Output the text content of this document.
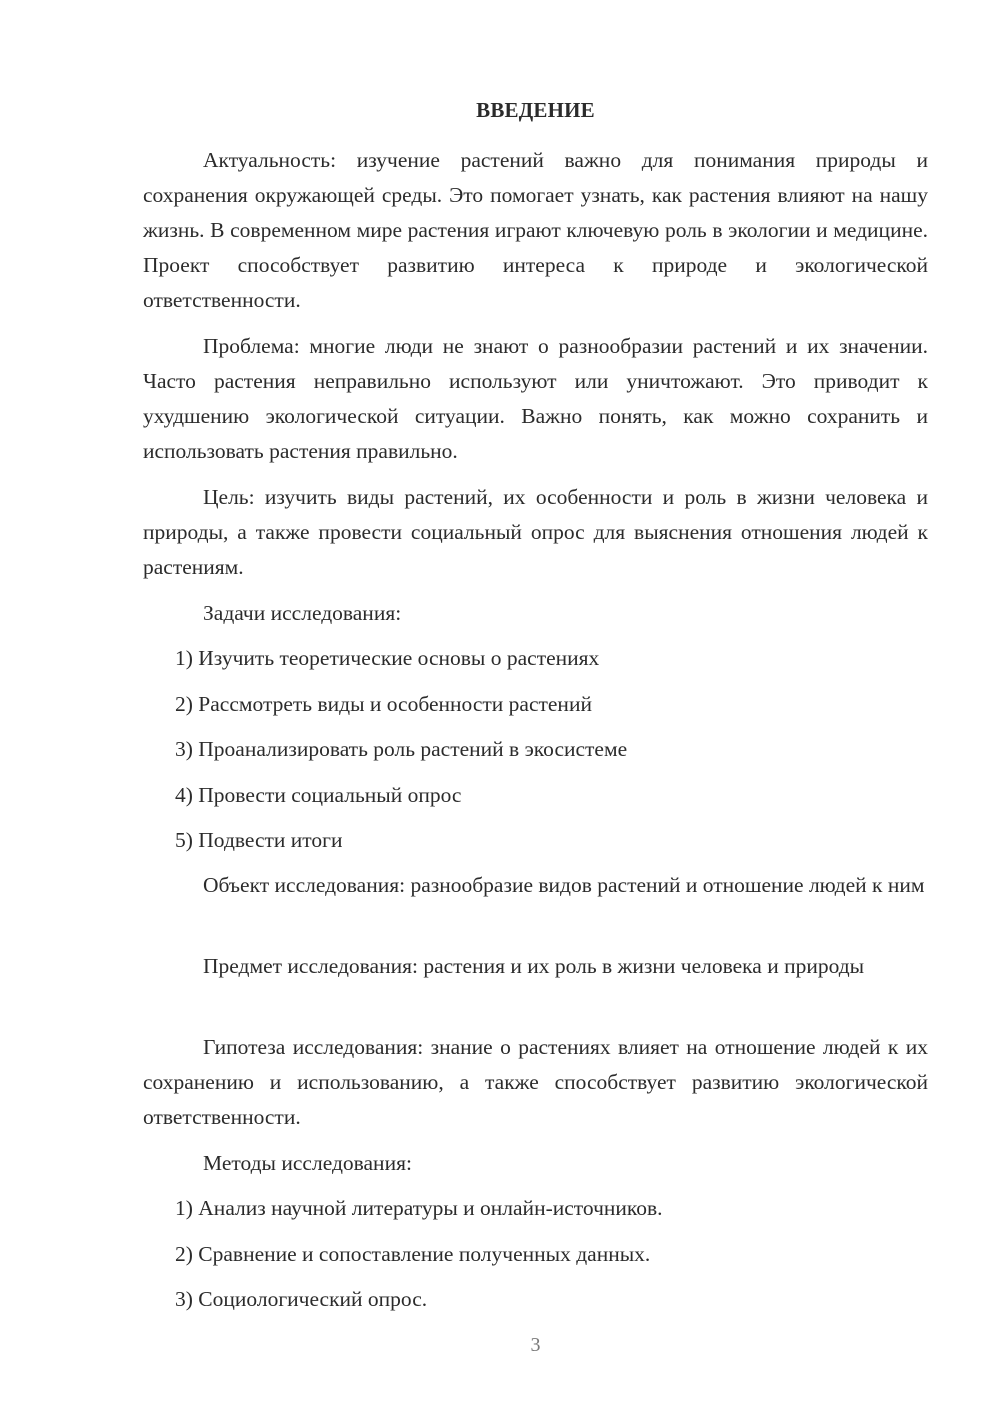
ВВЕДЕНИЕ

Актуальность: изучение растений важно для понимания природы и сохранения окружающей среды. Это помогает узнать, как растения влияют на нашу жизнь. В современном мире растения играют ключевую роль в экологии и медицине. Проект способствует развитию интереса к природе и экологической ответственности.

Проблема: многие люди не знают о разнообразии растений и их значении. Часто растения неправильно используют или уничтожают. Это приводит к ухудшению экологической ситуации. Важно понять, как можно сохранить и использовать растения правильно.

Цель: изучить виды растений, их особенности и роль в жизни человека и природы, а также провести социальный опрос для выяснения отношения людей к растениям.

Задачи исследования:

1) Изучить теоретические основы о растениях

2) Рассмотреть виды и особенности растений

3) Проанализировать роль растений в экосистеме

4) Провести социальный опрос

5) Подвести итоги

Объект исследования: разнообразие видов растений и отношение людей к ним

Предмет исследования: растения и их роль в жизни человека и природы

Гипотеза исследования: знание о растениях влияет на отношение людей к их сохранению и использованию, а также способствует развитию экологической ответственности.

Методы исследования:

1) Анализ научной литературы и онлайн-источников.

2) Сравнение и сопоставление полученных данных.

3) Социологический опрос.

3
